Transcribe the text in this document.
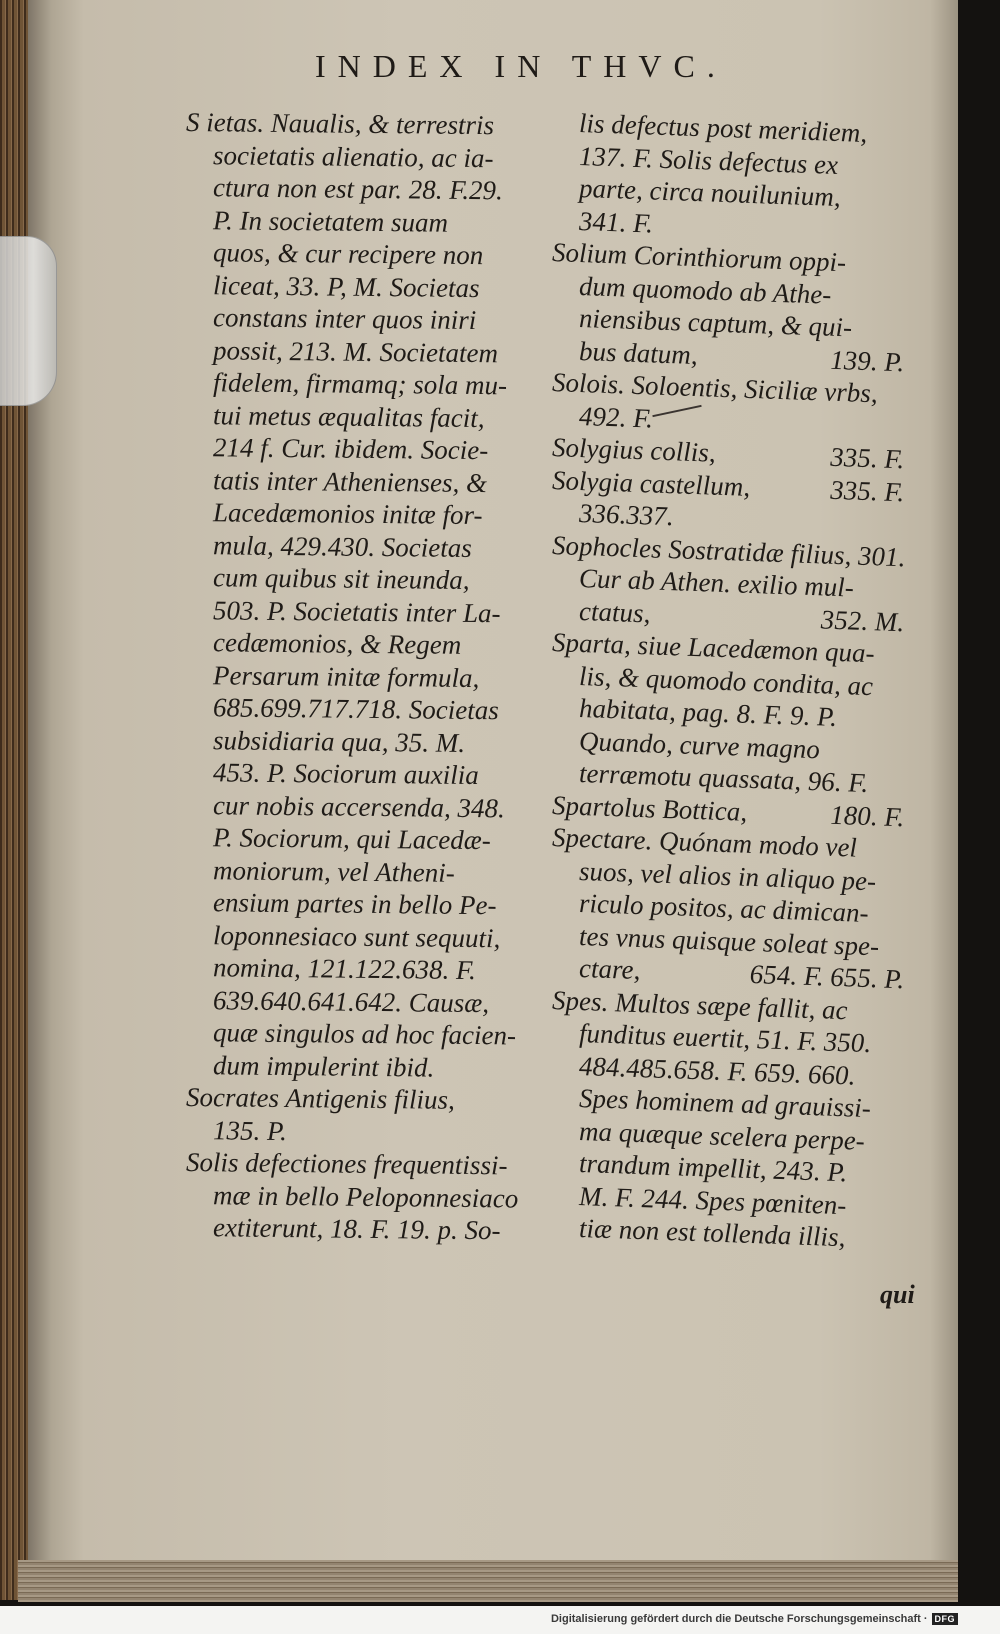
INDEX IN THVC.
S ietas. Naualis, & terrestris
societatis alienatio, ac ia-
ctura non est par. 28. F.29.
P. In societatem suam
quos, & cur recipere non
liceat, 33. P, M. Societas
constans inter quos iniri
possit, 213. M. Societatem
fidelem, firmamq; sola mu-
tui metus æqualitas facit,
214 f. Cur. ibidem. Socie-
tatis inter Athenienses, &
Lacedæmonios initæ for-
mula, 429.430. Societas
cum quibus sit ineunda,
503. P. Societatis inter La-
cedæmonios, & Regem
Persarum initæ formula,
685.699.717.718. Societas
subsidiaria qua, 35. M.
453. P. Sociorum auxilia
cur nobis accersenda, 348.
P. Sociorum, qui Lacedæ-
moniorum, vel Atheni-
ensium partes in bello Pe-
loponnesiaco sunt sequuti,
nomina, 121.122.638. F.
639.640.641.642. Causæ,
quæ singulos ad hoc facien-
dum impulerint ibid.
Socrates Antigenis filius,
135. P.
Solis defectiones frequentissi-
mæ in bello Peloponnesiaco
extiterunt, 18. F. 19. p. So-
lis defectus post meridiem,
137. F. Solis defectus ex
parte, circa nouilunium,
341. F.
Solium Corinthiorum oppi-
dum quomodo ab Athe-
niensibus captum, & qui-
bus datum,	139. P.
Solois. Soloentis, Siciliæ vrbs,
492. F.
Solygius collis,	335. F.
Solygia castellum,	335. F.
336.337.
Sophocles Sostratidæ filius, 301.
Cur ab Athen. exilio mul-
ctatus,	352. M.
Sparta, siue Lacedæmon qua-
lis, & quomodo condita, ac
habitata, pag. 8. F. 9. P.
Quando, curve magno
terræmotu quassata, 96. F.
Spartolus Bottica,	180. F.
Spectare. Quónam modo vel
suos, vel alios in aliquo pe-
riculo positos, ac dimican-
tes vnus quisque soleat spe-
ctare,	654. F. 655. P.
Spes. Multos sæpe fallit, ac
funditus euertit, 51. F. 350.
484.485.658. F. 659. 660.
Spes hominem ad grauissi-
ma quæque scelera perpe-
trandum impellit, 243. P.
M. F. 244. Spes pœniten-
tiæ non est tollenda illis,
qui
Digitalisierung gefördert durch die Deutsche Forschungsgemeinschaft · DFG
